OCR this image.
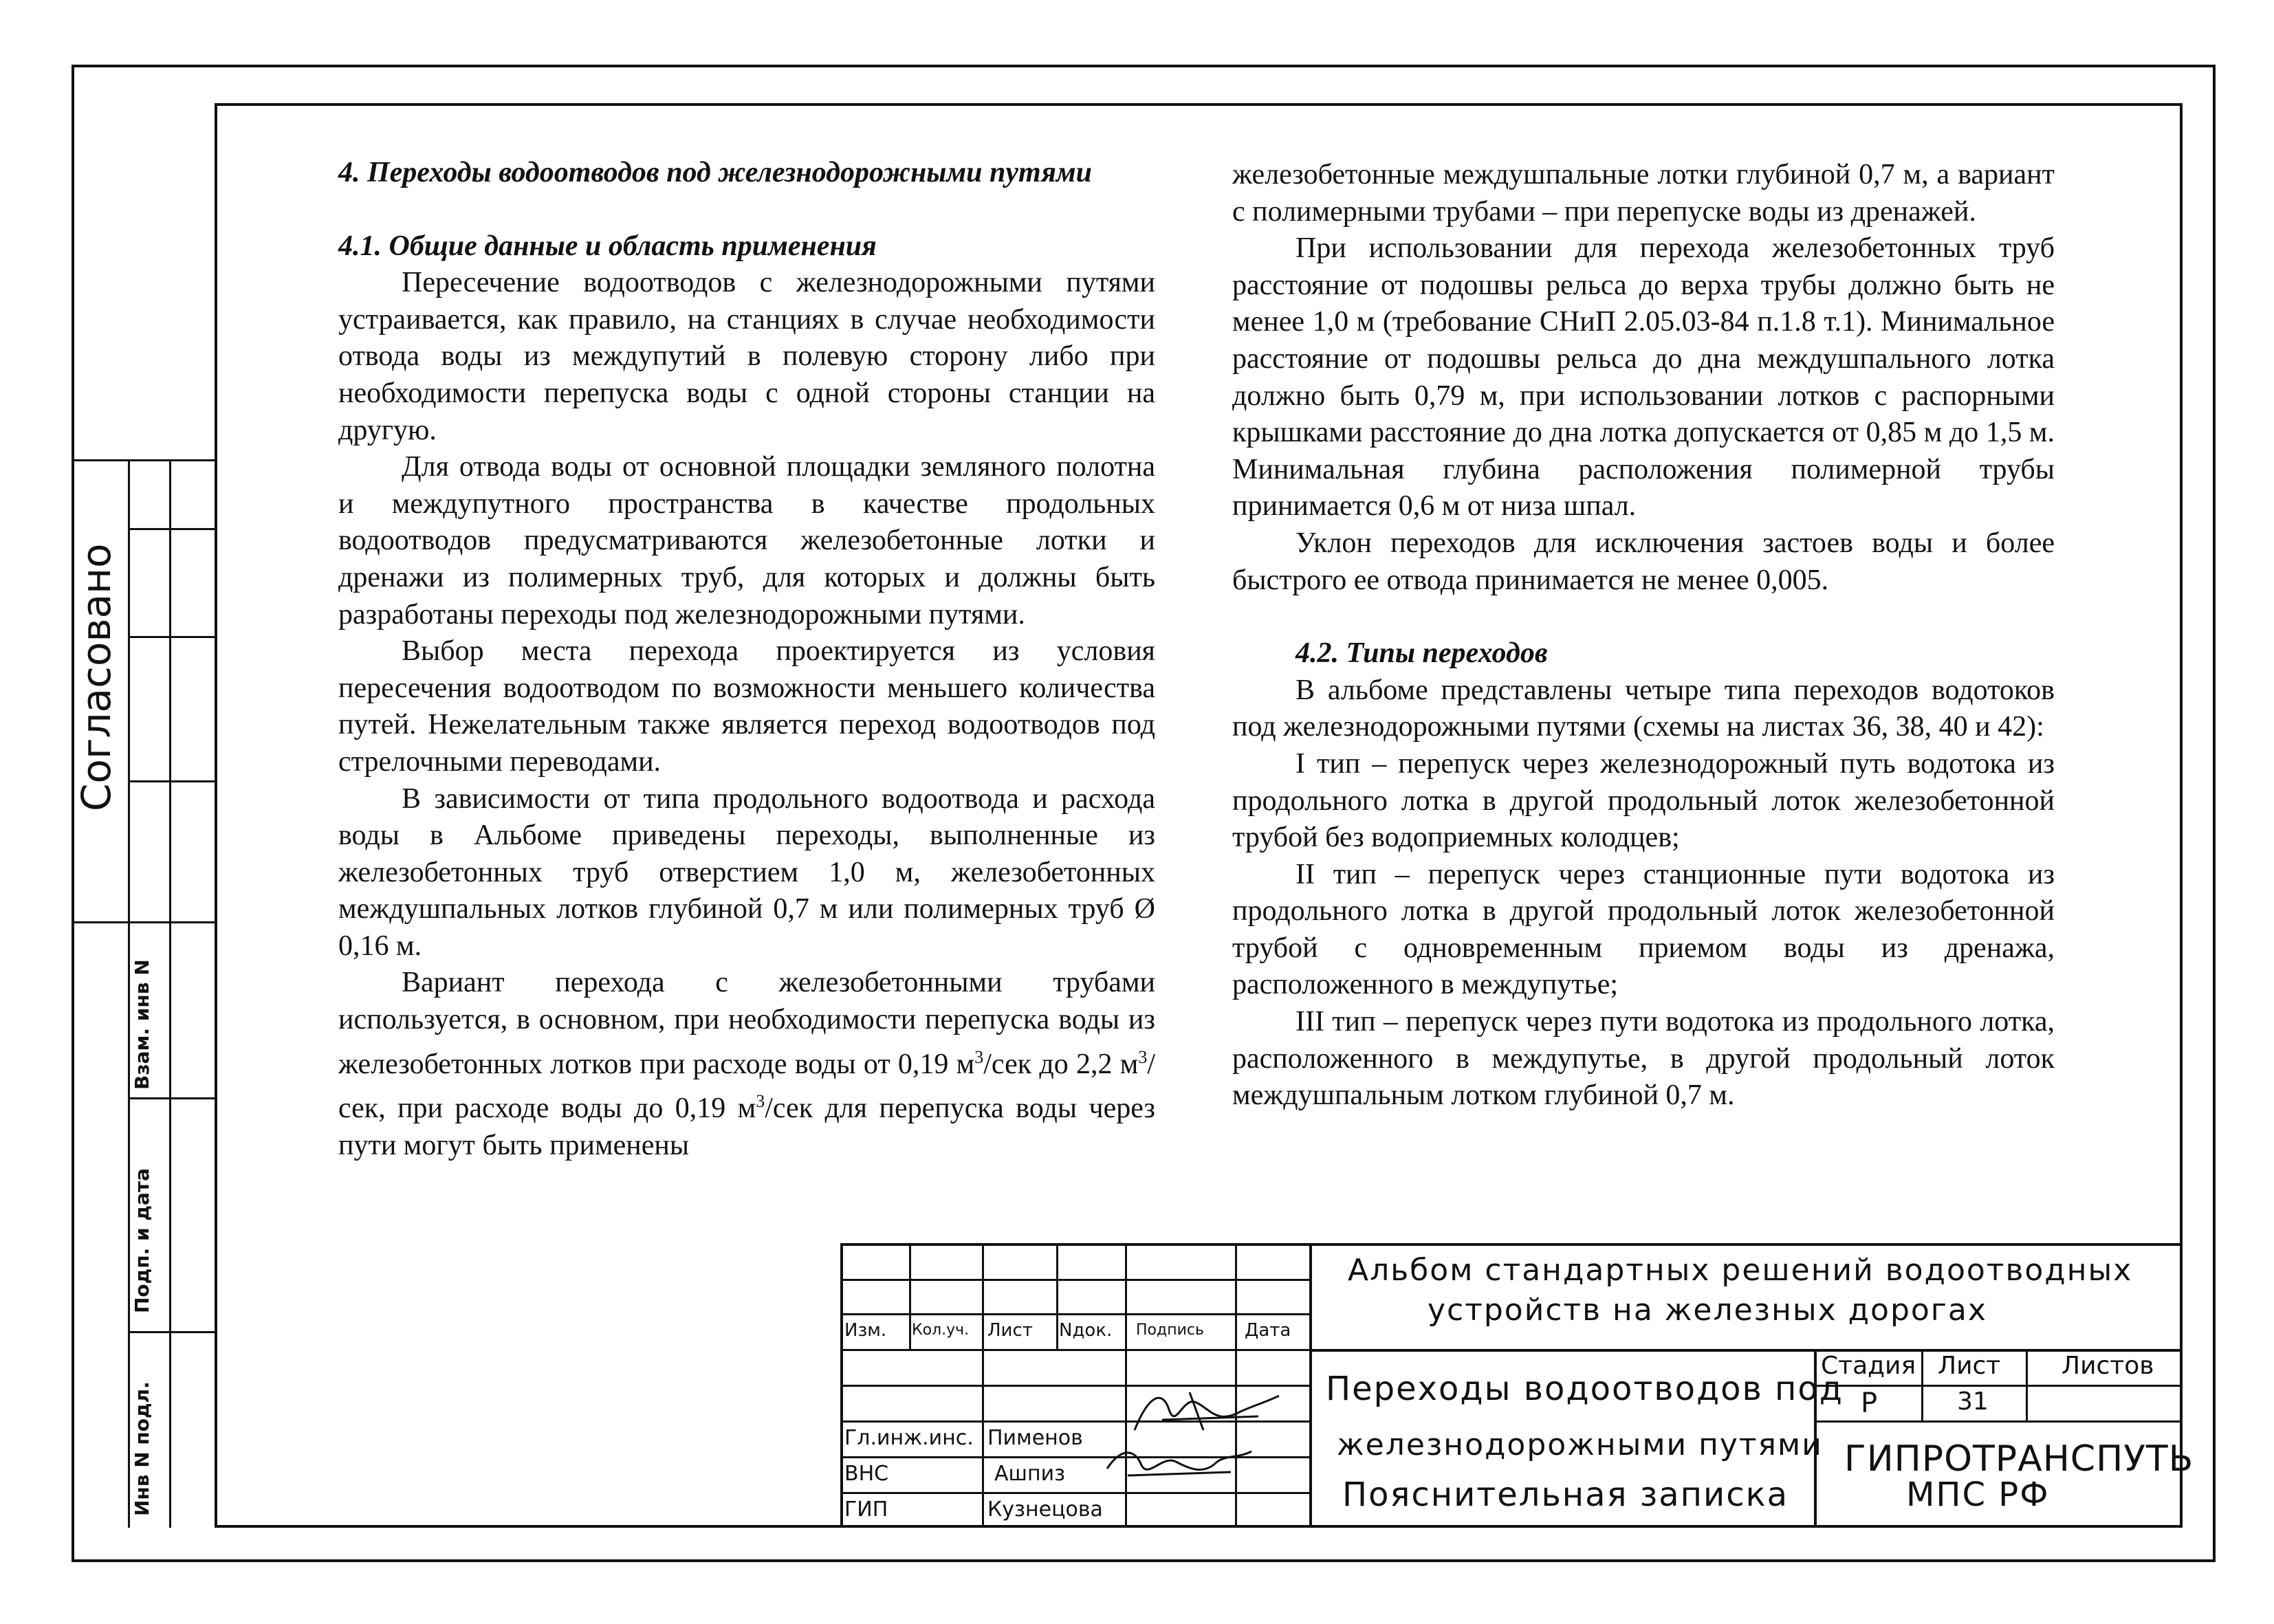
Согласовано
Взам. инв N
Подп. и дата
Инв N подл.
4. Переходы водоотводов под железнодорожными путями
4.1. Общие данные и область применения

Пересечение водоотводов с железнодорожными путями устраивается, как правило, на станциях в случае необходимости отвода воды из междупутий в полевую сторону либо при необходимости перепуска воды с одной стороны станции на другую.

Для отвода воды от основной площадки земляного полотна и междупутного пространства в качестве продольных водоотводов предусматриваются железобетонные лотки и дренажи из полимерных труб, для которых и должны быть разработаны переходы под железнодорожными путями.

Выбор места перехода проектируется из условия пересечения водоотводом по возможности меньшего количества путей. Нежелательным также является переход водоотводов под стрелочными переводами.

В зависимости от типа продольного водоотвода и расхода воды в Альбоме приведены переходы, выполненные из железобетонных труб отверстием 1,0 м, железобетонных междушпальных лотков глубиной 0,7 м или полимерных труб Ø 0,16 м.

Вариант перехода с железобетонными трубами используется, в основном, при необходимости перепуска воды из железобетонных лотков при расходе воды от 0,19 $м^3$/сек до 2,2 $м^3$/сек, при расходе воды до 0,19 $м^3$/сек для перепуска воды через пути могут быть применены

железобетонные междушпальные лотки глубиной 0,7 м, а вариант с полимерными трубами – при перепуске воды из дренажей.

При использовании для перехода железобетонных труб расстояние от подошвы рельса до верха трубы должно быть не менее 1,0 м (требование СНиП 2.05.03-84 п.1.8 т.1). Минимальное расстояние от подошвы рельса до дна междушпального лотка должно быть 0,79 м, при использовании лотков с распорными крышками расстояние до дна лотка допускается от 0,85 м до 1,5 м. Минимальная глубина расположения полимерной трубы принимается 0,6 м от низа шпал.

Уклон переходов для исключения застоев воды и более быстрого ее отвода принимается не менее 0,005.

4.2. Типы переходов

В альбоме представлены четыре типа переходов водотоков под железнодорожными путями (схемы на листах 36, 38, 40 и 42):

I тип – перепуск через железнодорожный путь водотока из продольного лотка в другой продольный лоток железобетонной трубой без водоприемных колодцев;

II тип – перепуск через станционные пути водотока из продольного лотка в другой продольный лоток железобетонной трубой с одновременным приемом воды из дренажа, расположенного в междупутье;

III тип – перепуск через пути водотока из продольного лотка, расположенного в междупутье, в другой продольный лоток междушпальным лотком глубиной 0,7 м.

Изм. Кол.уч. Лист Nдок. Подпись Дата
Гл.инж.инс.
ВНС
ГИП
Пименов
Ашпиз
Кузнецова
Альбом стандартных решений водоотводных
устройств на железных дорогах
Переходы водоотводов под
железнодорожными путями
Пояснительная записка
Стадия Лист Листов
Р	31
ГИПРОТРАНСПУТЬ
МПС РФ
